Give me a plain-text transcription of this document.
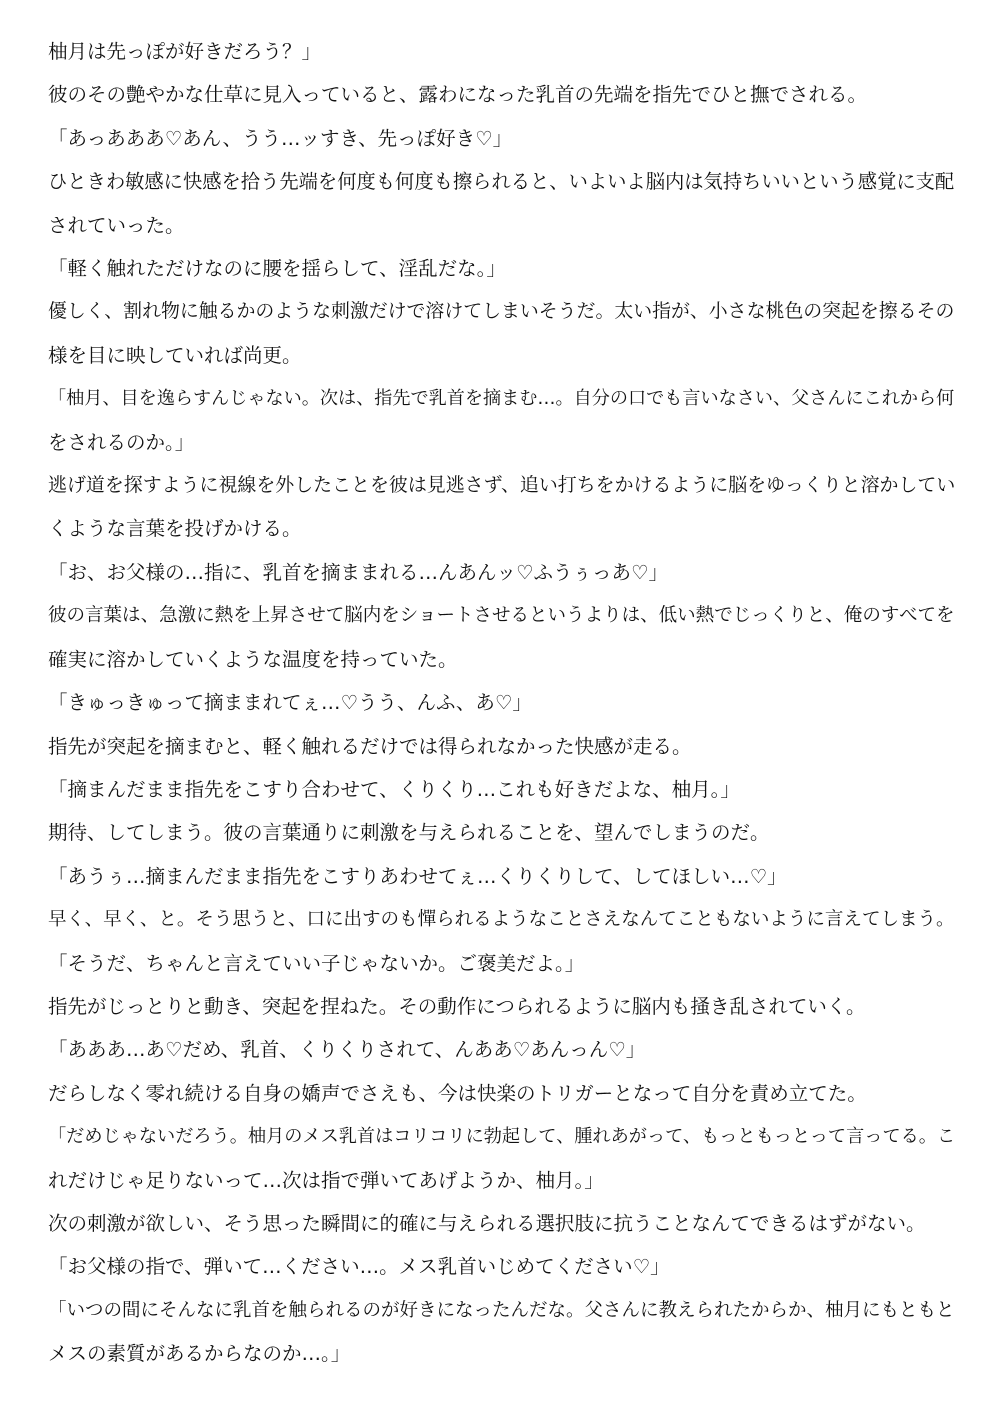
柚月は先っぽが好きだろう？」
彼のその艶やかな仕草に見入っていると、露わになった乳首の先端を指先でひと撫でされる。
「あっあああ♡あん、うう…ッすき、先っぽ好き♡」
ひときわ敏感に快感を拾う先端を何度も何度も擦られると、いよいよ脳内は気持ちいいという感覚に支配
されていった。
「軽く触れただけなのに腰を揺らして、淫乱だな。」
優しく、割れ物に触るかのような刺激だけで溶けてしまいそうだ。太い指が、小さな桃色の突起を擦るその
様を目に映していれば尚更。
「柚月、目を逸らすんじゃない。次は、指先で乳首を摘まむ…。自分の口でも言いなさい、父さんにこれから何
をされるのか。」
逃げ道を探すように視線を外したことを彼は見逃さず、追い打ちをかけるように脳をゆっくりと溶かしてい
くような言葉を投げかける。
「お、お父様の…指に、乳首を摘ままれる…んあんッ♡ふうぅっあ♡」
彼の言葉は、急激に熱を上昇させて脳内をショートさせるというよりは、低い熱でじっくりと、俺のすべてを
確実に溶かしていくような温度を持っていた。
「きゅっきゅって摘ままれてぇ…♡うう、んふ、あ♡」
指先が突起を摘まむと、軽く触れるだけでは得られなかった快感が走る。
「摘まんだまま指先をこすり合わせて、くりくり…これも好きだよな、柚月。」
期待、してしまう。彼の言葉通りに刺激を与えられることを、望んでしまうのだ。
「あうぅ…摘まんだまま指先をこすりあわせてぇ…くりくりして、してほしい…♡」
早く、早く、と。そう思うと、口に出すのも憚られるようなことさえなんてこともないように言えてしまう。
「そうだ、ちゃんと言えていい子じゃないか。ご褒美だよ。」
指先がじっとりと動き、突起を捏ねた。その動作につられるように脳内も掻き乱されていく。
「あああ…あ♡だめ、乳首、くりくりされて、んああ♡あんっん♡」
だらしなく零れ続ける自身の嬌声でさえも、今は快楽のトリガーとなって自分を責め立てた。
「だめじゃないだろう。柚月のメス乳首はコリコリに勃起して、腫れあがって、もっともっとって言ってる。こ
れだけじゃ足りないって…次は指で弾いてあげようか、柚月。」
次の刺激が欲しい、そう思った瞬間に的確に与えられる選択肢に抗うことなんてできるはずがない。
「お父様の指で、弾いて…ください…。メス乳首いじめてください♡」
「いつの間にそんなに乳首を触られるのが好きになったんだな。父さんに教えられたからか、柚月にもともと
メスの素質があるからなのか…。」
